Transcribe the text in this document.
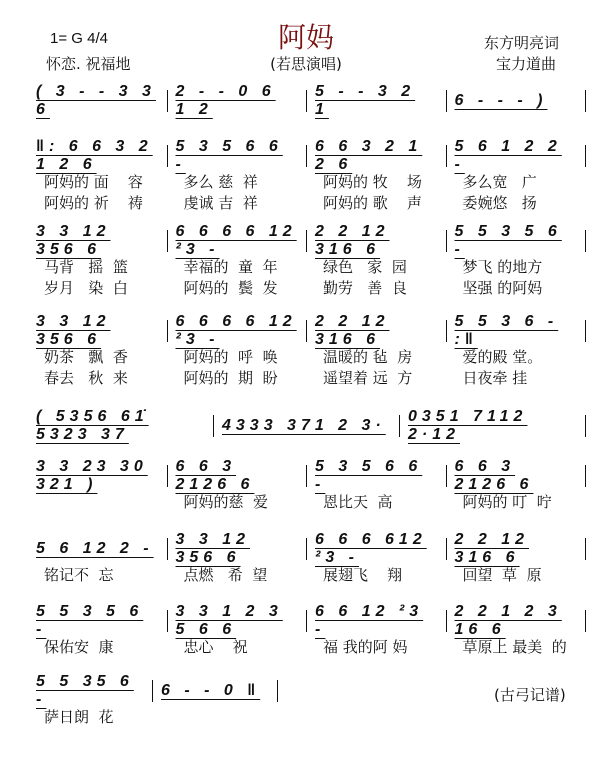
阿妈
1= G 4/4
怀恋. 祝福地	(若思演唱)
东方明亮词
宝力道曲
( 3 - - 3 3 6
2 - - 0 6 1 2
5 - - 3 2 1
6 - - - )
‖: 6 6 3 2 1 2 6
5 3 5 6 6 -
6 6 3 2 1 2 6
5 6 1 2 2 -
阿妈的 面    容	多么 慈  祥	阿妈的 牧    场	多么宽   广
阿妈的 祈    祷	虔诚 吉  祥	阿妈的 歌    声	委婉悠   扬
3 3 12 356 6
6 6 6 6 12 ²3 -
2 2 12 316 6
5 5 3 5 6 -
马背   摇  篮	幸福的  童  年	绿色   家  园	梦飞 的地方
岁月   染  白	阿妈的  鬓  发	勤劳   善  良	坚强 的阿妈
3 3 12 356 6
6 6 6 6 12 ²3 -
2 2 12 316 6
5 5 3 6 - :‖
奶茶   飘  香	阿妈的  呼  唤	温暖的 毡  房	爱的殿 堂。
春去   秋  来	阿妈的  期  盼	遥望着 远  方	日夜牵 挂
( 5356 61̇ 5323 37
4333 371 2 3·
0351 7112 2·12
3 3 23 30 321 )
6 6 3 2126 6
5 3 5 6 6 -
6 6 3 2126 6
阿妈的慈  爱	恩比天  高	阿妈的 叮  咛
5 6 12 2 -
3 3 12 356 6
6 6 6 612 ²3 -
2 2 12 316 6
铭记不  忘	点燃   希  望	展翅飞    翔	回望  草  原
5 5 3 5 6 -
3 3 1 2 3 5 6 6
6 6 12 ²3 -
2 2 1 2 3 16 6
保佑安  康	忠心    祝	福 我的阿 妈	草原上 最美  的
5 5 35 6 -
6 - - 0 ‖
萨日朗  花
(古弓记谱)
